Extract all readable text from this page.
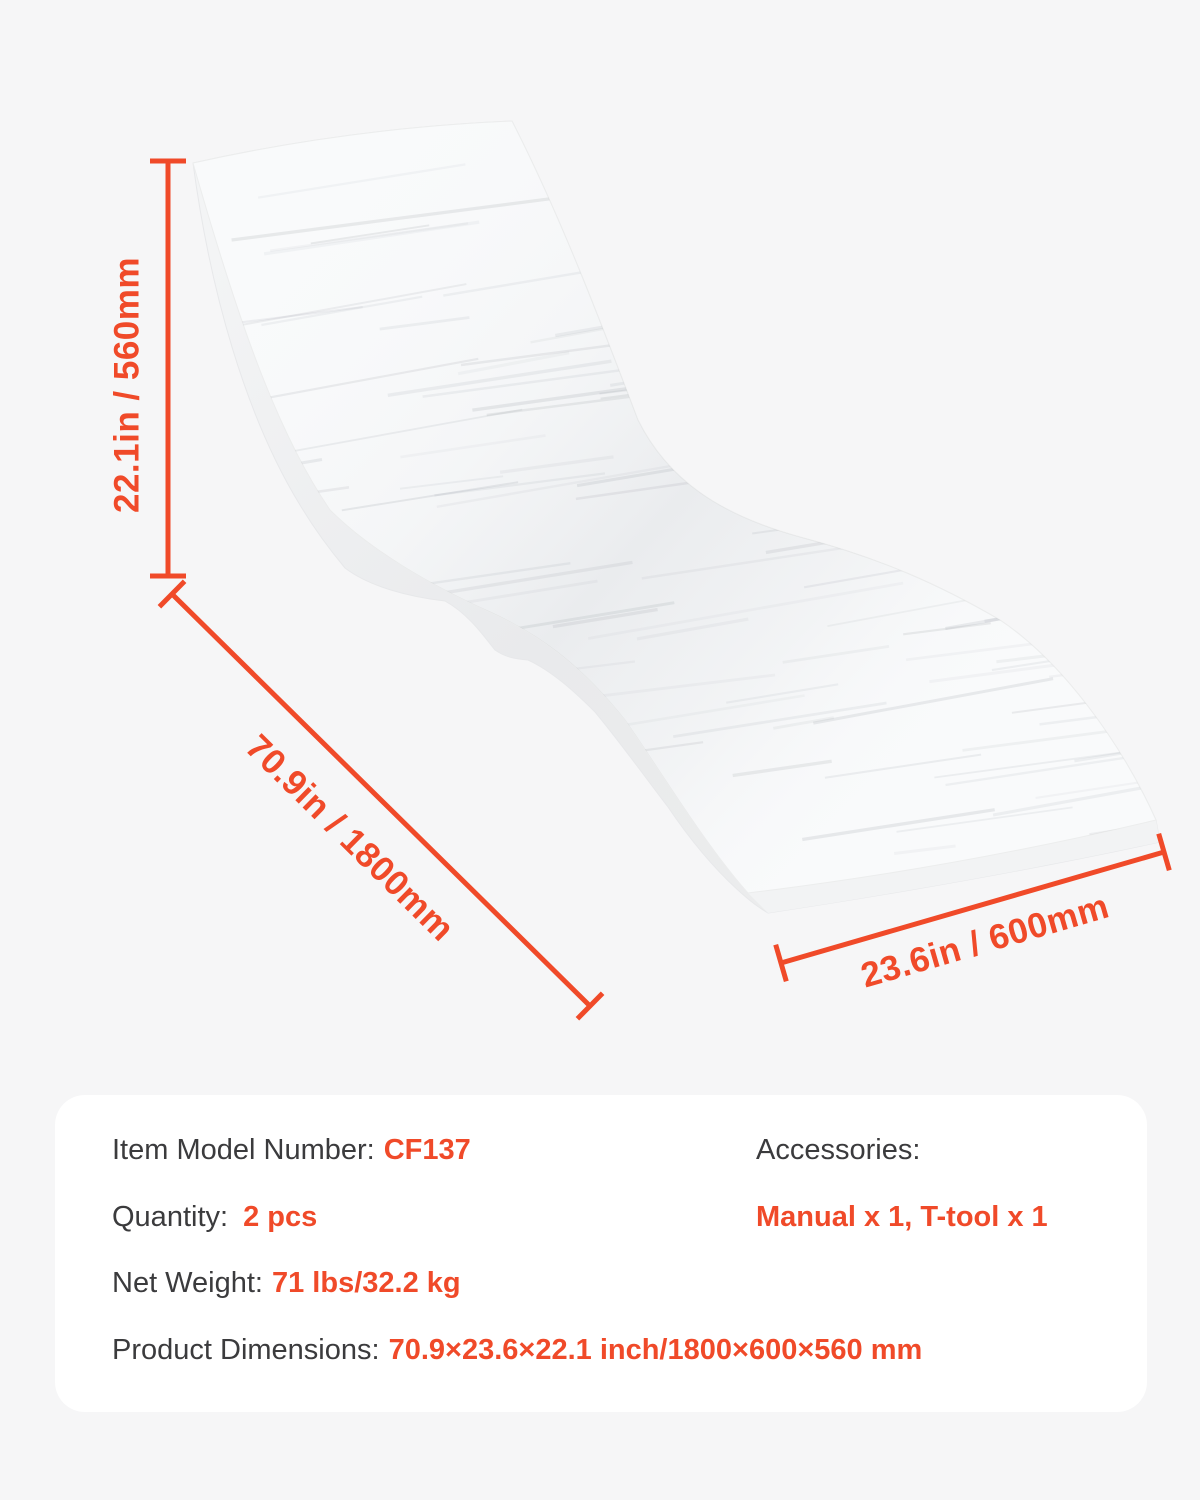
22.1in / 560mm
70.9in / 1800mm	23.6in / 600mm
Item Model Number: CF137	Accessories:
Quantity: 2 pcs	Manual x 1, T-tool x 1
Net Weight: 71 lbs/32.2 kg
Product Dimensions: 70.9×23.6×22.1 inch/1800×600×560 mm
